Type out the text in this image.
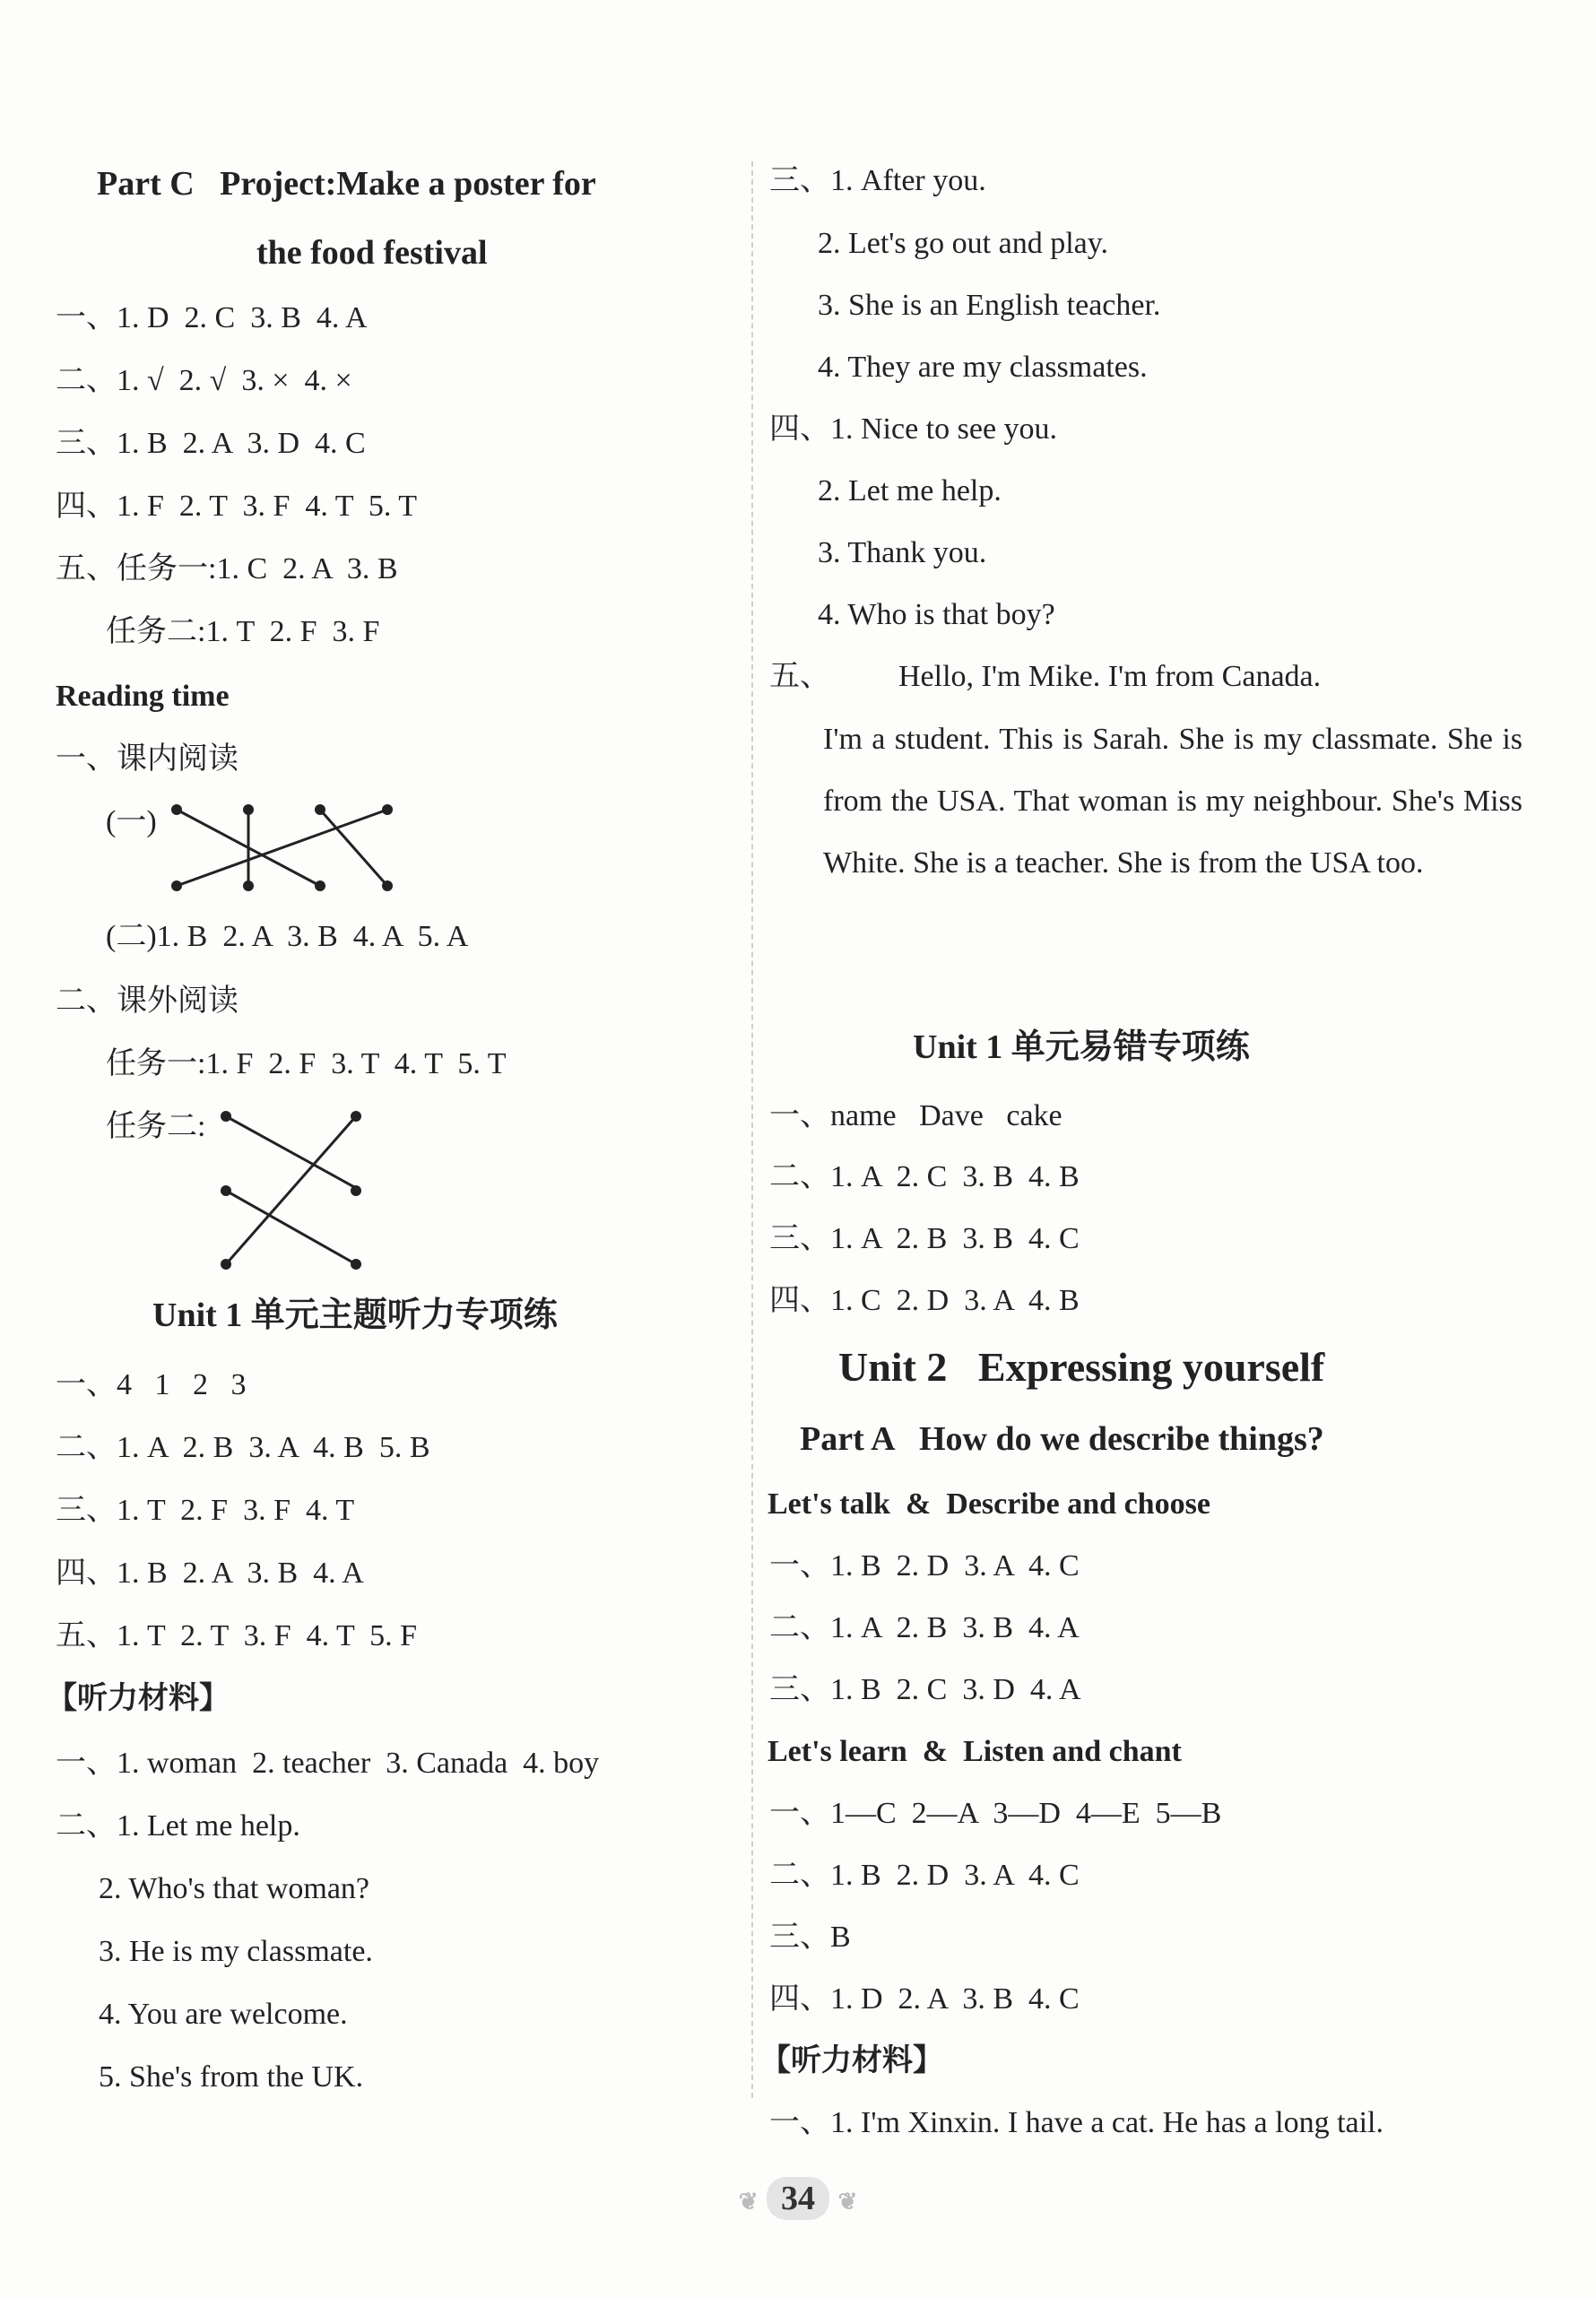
Part C   Project:Make a poster for
the food festival
一、1. D  2. C  3. B  4. A
二、1. √  2. √  3. ×  4. ×
三、1. B  2. A  3. D  4. C
四、1. F  2. T  3. F  4. T  5. T
五、任务一:1. C  2. A  3. B
任务二:1. T  2. F  3. F
Reading time
一、课内阅读
(一)
(二)1. B  2. A  3. B  4. A  5. A
二、课外阅读
任务一:1. F  2. F  3. T  4. T  5. T
任务二:
Unit 1 单元主题听力专项练
一、4   1   2   3
二、1. A  2. B  3. A  4. B  5. B
三、1. T  2. F  3. F  4. T
四、1. B  2. A  3. B  4. A
五、1. T  2. T  3. F  4. T  5. F
【听力材料】
一、1. woman  2. teacher  3. Canada  4. boy
二、1. Let me help.
2. Who's that woman?
3. He is my classmate.
4. You are welcome.
5. She's from the UK.
三、1. After you.
2. Let's go out and play.
3. She is an English teacher.
4. They are my classmates.
四、1. Nice to see you.
2. Let me help.
3. Thank you.
4. Who is that boy?
五、 Hello, I'm Mike. I'm from Canada.
I'm a student. This is Sarah. She is my classmate. She is from the USA. That woman is my neighbour. She's Miss White. She is a teacher. She is from the USA too.
Unit 1 单元易错专项练
一、name   Dave   cake
二、1. A  2. C  3. B  4. B
三、1. A  2. B  3. B  4. C
四、1. C  2. D  3. A  4. B
Unit 2   Expressing yourself
Part A   How do we describe things?
Let's talk  &  Describe and choose
一、1. B  2. D  3. A  4. C
二、1. A  2. B  3. B  4. A
三、1. B  2. C  3. D  4. A
Let's learn  &  Listen and chant
一、1—C  2—A  3—D  4—E  5—B
二、1. B  2. D  3. A  4. C
三、B
四、1. D  2. A  3. B  4. C
【听力材料】
一、1. I'm Xinxin. I have a cat. He has a long tail.
❦ 34 ❦
